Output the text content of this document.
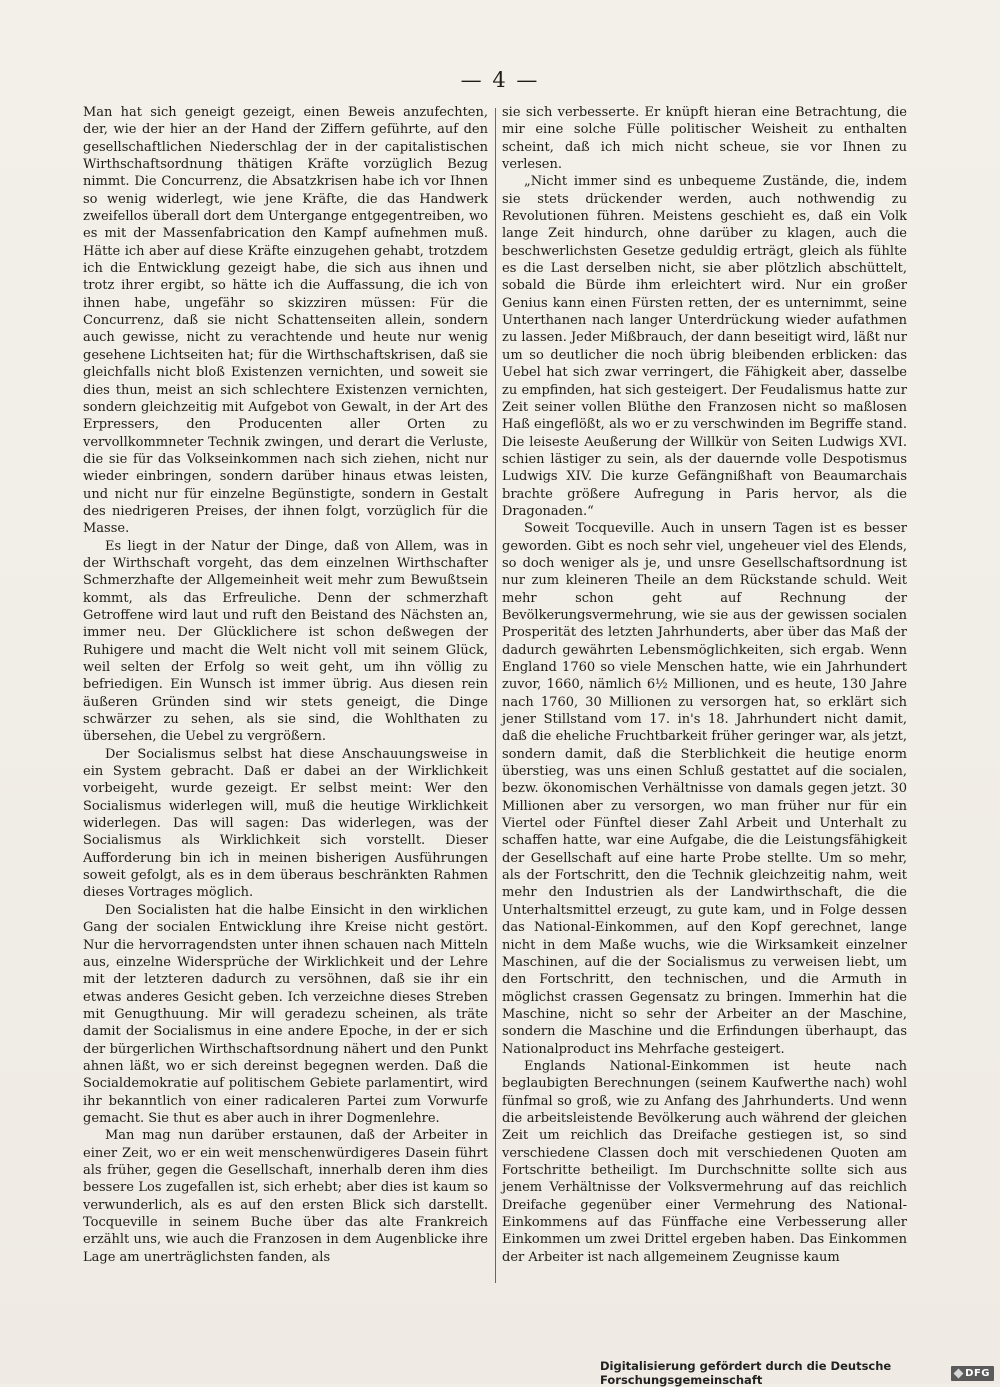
— 4 —

Man hat sich geneigt gezeigt, einen Beweis anzufechten, der, wie der hier an der Hand der Ziffern geführte, auf den gesellschaftlichen Niederschlag der in der capitalistischen Wirthschaftsordnung thätigen Kräfte vorzüglich Bezug nimmt. Die Concurrenz, die Absatzkrisen habe ich vor Ihnen so wenig widerlegt, wie jene Kräfte, die das Handwerk zweifellos überall dort dem Untergange entgegentreiben, wo es mit der Massenfabrication den Kampf aufnehmen muß. Hätte ich aber auf diese Kräfte einzugehen gehabt, trotzdem ich die Entwicklung gezeigt habe, die sich aus ihnen und trotz ihrer ergibt, so hätte ich die Auffassung, die ich von ihnen habe, ungefähr so skizziren müssen: Für die Concurrenz, daß sie nicht Schattenseiten allein, sondern auch gewisse, nicht zu verachtende und heute nur wenig gesehene Lichtseiten hat; für die Wirthschaftskrisen, daß sie gleichfalls nicht bloß Existenzen vernichten, und soweit sie dies thun, meist an sich schlechtere Existenzen vernichten, sondern gleichzeitig mit Aufgebot von Gewalt, in der Art des Erpressers, den Producenten aller Orten zu vervollkommneter Technik zwingen, und derart die Verluste, die sie für das Volkseinkommen nach sich ziehen, nicht nur wieder einbringen, sondern darüber hinaus etwas leisten, und nicht nur für einzelne Begünstigte, sondern in Gestalt des niedrigeren Preises, der ihnen folgt, vorzüglich für die Masse.

Es liegt in der Natur der Dinge, daß von Allem, was in der Wirthschaft vorgeht, das dem einzelnen Wirthschafter Schmerzhafte der Allgemeinheit weit mehr zum Bewußtsein kommt, als das Erfreuliche. Denn der schmerzhaft Getroffene wird laut und ruft den Beistand des Nächsten an, immer neu. Der Glücklichere ist schon deßwegen der Ruhigere und macht die Welt nicht voll mit seinem Glück, weil selten der Erfolg so weit geht, um ihn völlig zu befriedigen. Ein Wunsch ist immer übrig. Aus diesen rein äußeren Gründen sind wir stets geneigt, die Dinge schwärzer zu sehen, als sie sind, die Wohlthaten zu übersehen, die Uebel zu vergrößern.

Der Socialismus selbst hat diese Anschauungsweise in ein System gebracht. Daß er dabei an der Wirklichkeit vorbeigeht, wurde gezeigt. Er selbst meint: Wer den Socialismus widerlegen will, muß die heutige Wirklichkeit widerlegen. Das will sagen: Das widerlegen, was der Socialismus als Wirklichkeit sich vorstellt. Dieser Aufforderung bin ich in meinen bisherigen Ausführungen soweit gefolgt, als es in dem überaus beschränkten Rahmen dieses Vortrages möglich.

Den Socialisten hat die halbe Einsicht in den wirklichen Gang der socialen Entwicklung ihre Kreise nicht gestört. Nur die hervorragendsten unter ihnen schauen nach Mitteln aus, einzelne Widersprüche der Wirklichkeit und der Lehre mit der letzteren dadurch zu versöhnen, daß sie ihr ein etwas anderes Gesicht geben. Ich verzeichne dieses Streben mit Genugthuung. Mir will geradezu scheinen, als träte damit der Socialismus in eine andere Epoche, in der er sich der bürgerlichen Wirthschaftsordnung nähert und den Punkt ahnen läßt, wo er sich dereinst begegnen werden. Daß die Socialdemokratie auf politischem Gebiete parlamentirt, wird ihr bekanntlich von einer radicaleren Partei zum Vorwurfe gemacht. Sie thut es aber auch in ihrer Dogmenlehre.

Man mag nun darüber erstaunen, daß der Arbeiter in einer Zeit, wo er ein weit menschenwürdigeres Dasein führt als früher, gegen die Gesellschaft, innerhalb deren ihm dies bessere Los zugefallen ist, sich erhebt; aber dies ist kaum so verwunderlich, als es auf den ersten Blick sich darstellt. Tocqueville in seinem Buche über das alte Frankreich erzählt uns, wie auch die Franzosen in dem Augenblicke ihre Lage am unerträglichsten fanden, als

sie sich verbesserte. Er knüpft hieran eine Betrachtung, die mir eine solche Fülle politischer Weisheit zu enthalten scheint, daß ich mich nicht scheue, sie vor Ihnen zu verlesen.

„Nicht immer sind es unbequeme Zustände, die, indem sie stets drückender werden, auch nothwendig zu Revolutionen führen. Meistens geschieht es, daß ein Volk lange Zeit hindurch, ohne darüber zu klagen, auch die beschwerlichsten Gesetze geduldig erträgt, gleich als fühlte es die Last derselben nicht, sie aber plötzlich abschüttelt, sobald die Bürde ihm erleichtert wird. Nur ein großer Genius kann einen Fürsten retten, der es unternimmt, seine Unterthanen nach langer Unterdrückung wieder aufathmen zu lassen. Jeder Mißbrauch, der dann beseitigt wird, läßt nur um so deutlicher die noch übrig bleibenden erblicken: das Uebel hat sich zwar verringert, die Fähigkeit aber, dasselbe zu empfinden, hat sich gesteigert. Der Feudalismus hatte zur Zeit seiner vollen Blüthe den Franzosen nicht so maßlosen Haß eingeflößt, als wo er zu verschwinden im Begriffe stand. Die leiseste Aeußerung der Willkür von Seiten Ludwigs XVI. schien lästiger zu sein, als der dauernde volle Despotismus Ludwigs XIV. Die kurze Gefängnißhaft von Beaumarchais brachte größere Aufregung in Paris hervor, als die Dragonaden.“

Soweit Tocqueville. Auch in unsern Tagen ist es besser geworden. Gibt es noch sehr viel, ungeheuer viel des Elends, so doch weniger als je, und unsre Gesellschaftsordnung ist nur zum kleineren Theile an dem Rückstande schuld. Weit mehr schon geht auf Rechnung der Bevölkerungsvermehrung, wie sie aus der gewissen socialen Prosperität des letzten Jahrhunderts, aber über das Maß der dadurch gewährten Lebensmöglichkeiten, sich ergab. Wenn England 1760 so viele Menschen hatte, wie ein Jahrhundert zuvor, 1660, nämlich 6½ Millionen, und es heute, 130 Jahre nach 1760, 30 Millionen zu versorgen hat, so erklärt sich jener Stillstand vom 17. in's 18. Jahrhundert nicht damit, daß die eheliche Fruchtbarkeit früher geringer war, als jetzt, sondern damit, daß die Sterblichkeit die heutige enorm überstieg, was uns einen Schluß gestattet auf die socialen, bezw. ökonomischen Verhältnisse von damals gegen jetzt. 30 Millionen aber zu versorgen, wo man früher nur für ein Viertel oder Fünftel dieser Zahl Arbeit und Unterhalt zu schaffen hatte, war eine Aufgabe, die die Leistungsfähigkeit der Gesellschaft auf eine harte Probe stellte. Um so mehr, als der Fortschritt, den die Technik gleichzeitig nahm, weit mehr den Industrien als der Landwirthschaft, die die Unterhaltsmittel erzeugt, zu gute kam, und in Folge dessen das National-Einkommen, auf den Kopf gerechnet, lange nicht in dem Maße wuchs, wie die Wirksamkeit einzelner Maschinen, auf die der Socialismus zu verweisen liebt, um den Fortschritt, den technischen, und die Armuth in möglichst crassen Gegensatz zu bringen. Immerhin hat die Maschine, nicht so sehr der Arbeiter an der Maschine, sondern die Maschine und die Erfindungen überhaupt, das Nationalproduct ins Mehrfache gesteigert.

Englands National-Einkommen ist heute nach beglaubigten Berechnungen (seinem Kaufwerthe nach) wohl fünfmal so groß, wie zu Anfang des Jahrhunderts. Und wenn die arbeitsleistende Bevölkerung auch während der gleichen Zeit um reichlich das Dreifache gestiegen ist, so sind verschiedene Classen doch mit verschiedenen Quoten am Fortschritte betheiligt. Im Durchschnitte sollte sich aus jenem Verhältnisse der Volksvermehrung auf das reichlich Dreifache gegenüber einer Vermehrung des National-Einkommens auf das Fünffache eine Verbesserung aller Einkommen um zwei Drittel ergeben haben. Das Einkommen der Arbeiter ist nach allgemeinem Zeugnisse kaum

Digitalisierung gefördert durch die Deutsche Forschungsgemeinschaft	DFG
